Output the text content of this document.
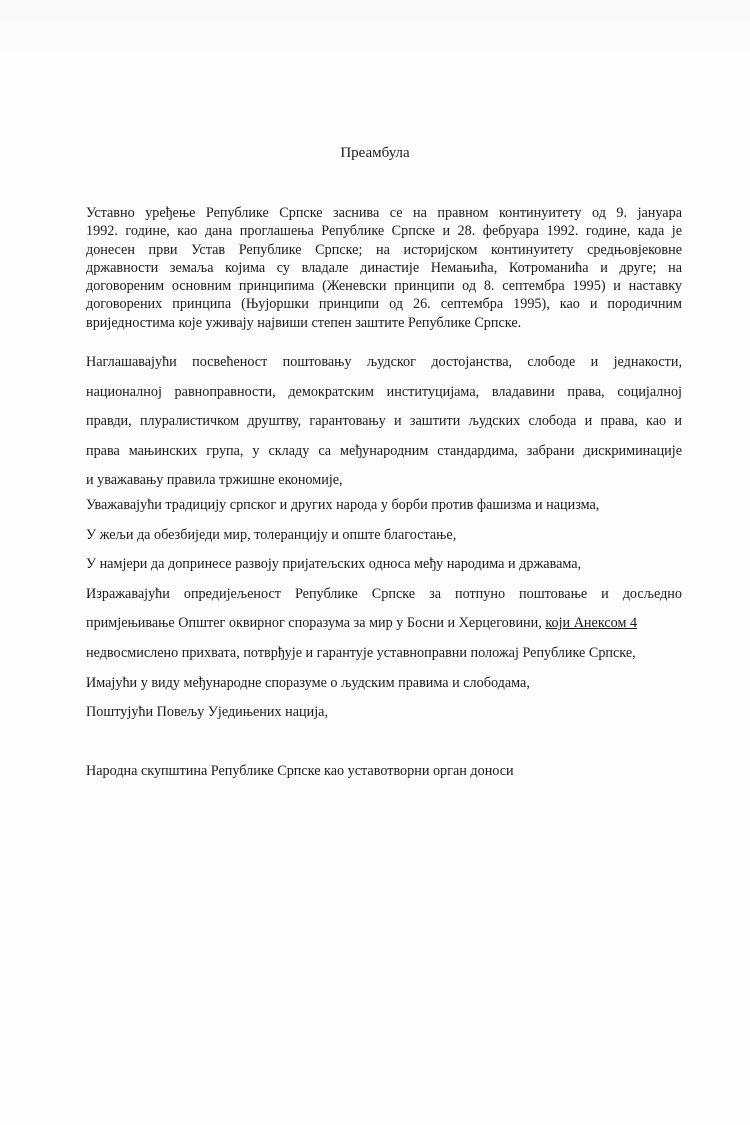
Преамбула
Уставно уређење Републике Српске заснива се на правном континуитету од 9. јануара
1992. године, као дана проглашења Републике Српске и 28. фебруара 1992. године, када је
донесен први Устав Републике Српске; на историјском континуитету средњовјековне
државности земаља којима су владале династије Немањића, Котроманића и друге; на
договореним основним принципима (Женевски принципи од 8. септембра 1995) и наставку
договорених принципа (Њујоршки принципи од 26. септембра 1995), као и породичним
вриједностима које уживају највиши степен заштите Републике Српске.
Наглашавајући посвећеност поштовању људског достојанства, слободе и једнакости,
националној равноправности, демократским институцијама, владавини права, социјалној
правди, плуралистичком друштву, гарантовању и заштити људских слобода и права, као и
права мањинских група, у складу са међународним стандардима, забрани дискриминације
и уважавању правила тржишне економије,
Уважавајући традицију српског и других народа у борби против фашизма и нацизма,
У жељи да обезбиједи мир, толеранцију и опште благостање,
У намјери да допринесе развоју пријатељских односа међу народима и државама,
Изражавајући опредијељеност Републике Српске за потпуно поштовање и досљедно
примјењивање Општег оквирног споразума за мир у Босни и Херцеговини, који Анексом 4
недвосмислено прихвата, потврђује и гарантује уставноправни положај Републике Српске,
Имајући у виду међународне споразуме о људским правима и слободама,
Поштујући Повељу Уједињених нација,
Народна скупштина Републике Српске као уставотворни орган доноси
